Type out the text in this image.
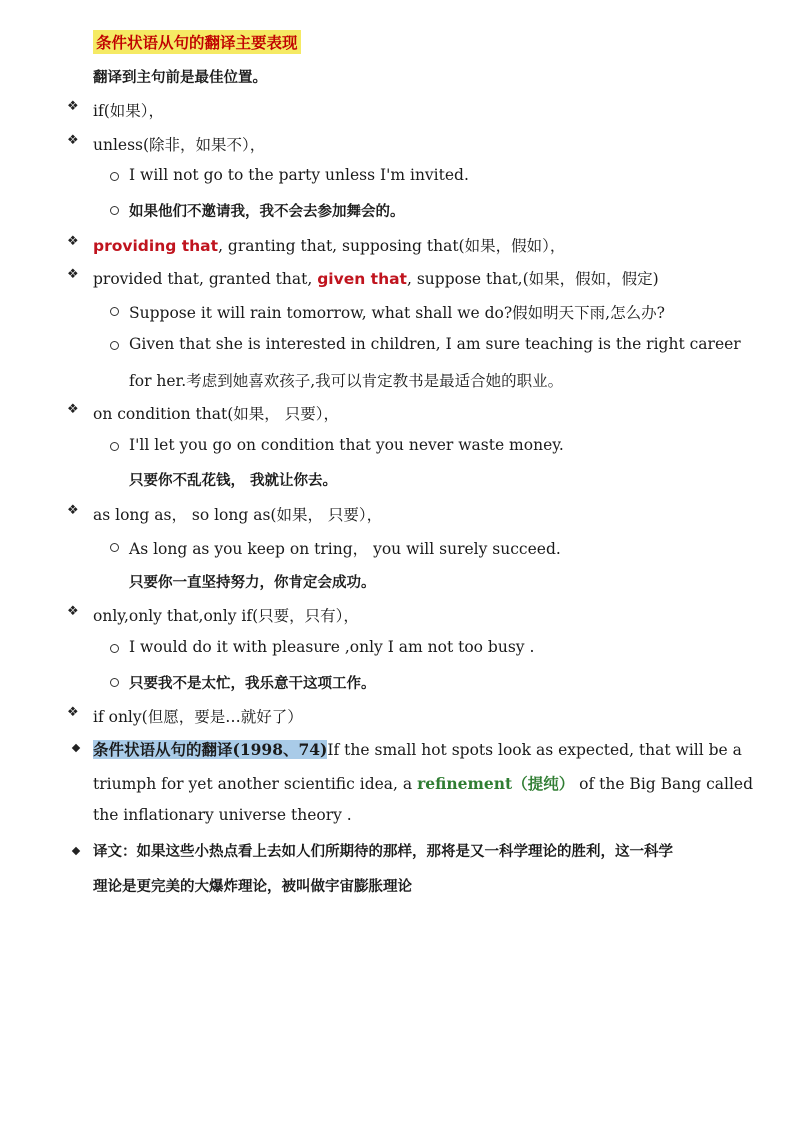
条件状语从句的翻译主要表现
翻译到主句前是最佳位置。
❖ if(如果），
❖ unless(除非，如果不），
I will not go to the party unless I'm invited.
如果他们不邀请我，我不会去参加舞会的。
❖ providing that, granting that, supposing that(如果，假如），
❖ provided that, granted that, given that, suppose that,(如果，假如，假定)
Suppose it will rain tomorrow, what shall we do?假如明天下雨,怎么办?
Given that she is interested in children, I am sure teaching is the right career
for her.考虑到她喜欢孩子,我可以肯定教书是最适合她的职业。
❖ on condition that(如果， 只要），
I'll let you go on condition that you never waste money.
只要你不乱花钱， 我就让你去。
❖ as long as， so long as(如果， 只要），
As long as you keep on tring， you will surely succeed.
只要你一直坚持努力，你肯定会成功。
❖ only,only that,only if(只要，只有），
I would do it with pleasure ,only I am not too busy .
只要我不是太忙，我乐意干这项工作。
❖ if only(但愿，要是…就好了）
条件状语从句的翻译(1998、74)If the small hot spots look as expected, that will be a
triumph for yet another scientific idea, a refinement（提纯） of the Big Bang called
the inflationary universe theory .
译文：如果这些小热点看上去如人们所期待的那样，那将是又一科学理论的胜利，这一科学
理论是更完美的大爆炸理论，被叫做宇宙膨胀理论
